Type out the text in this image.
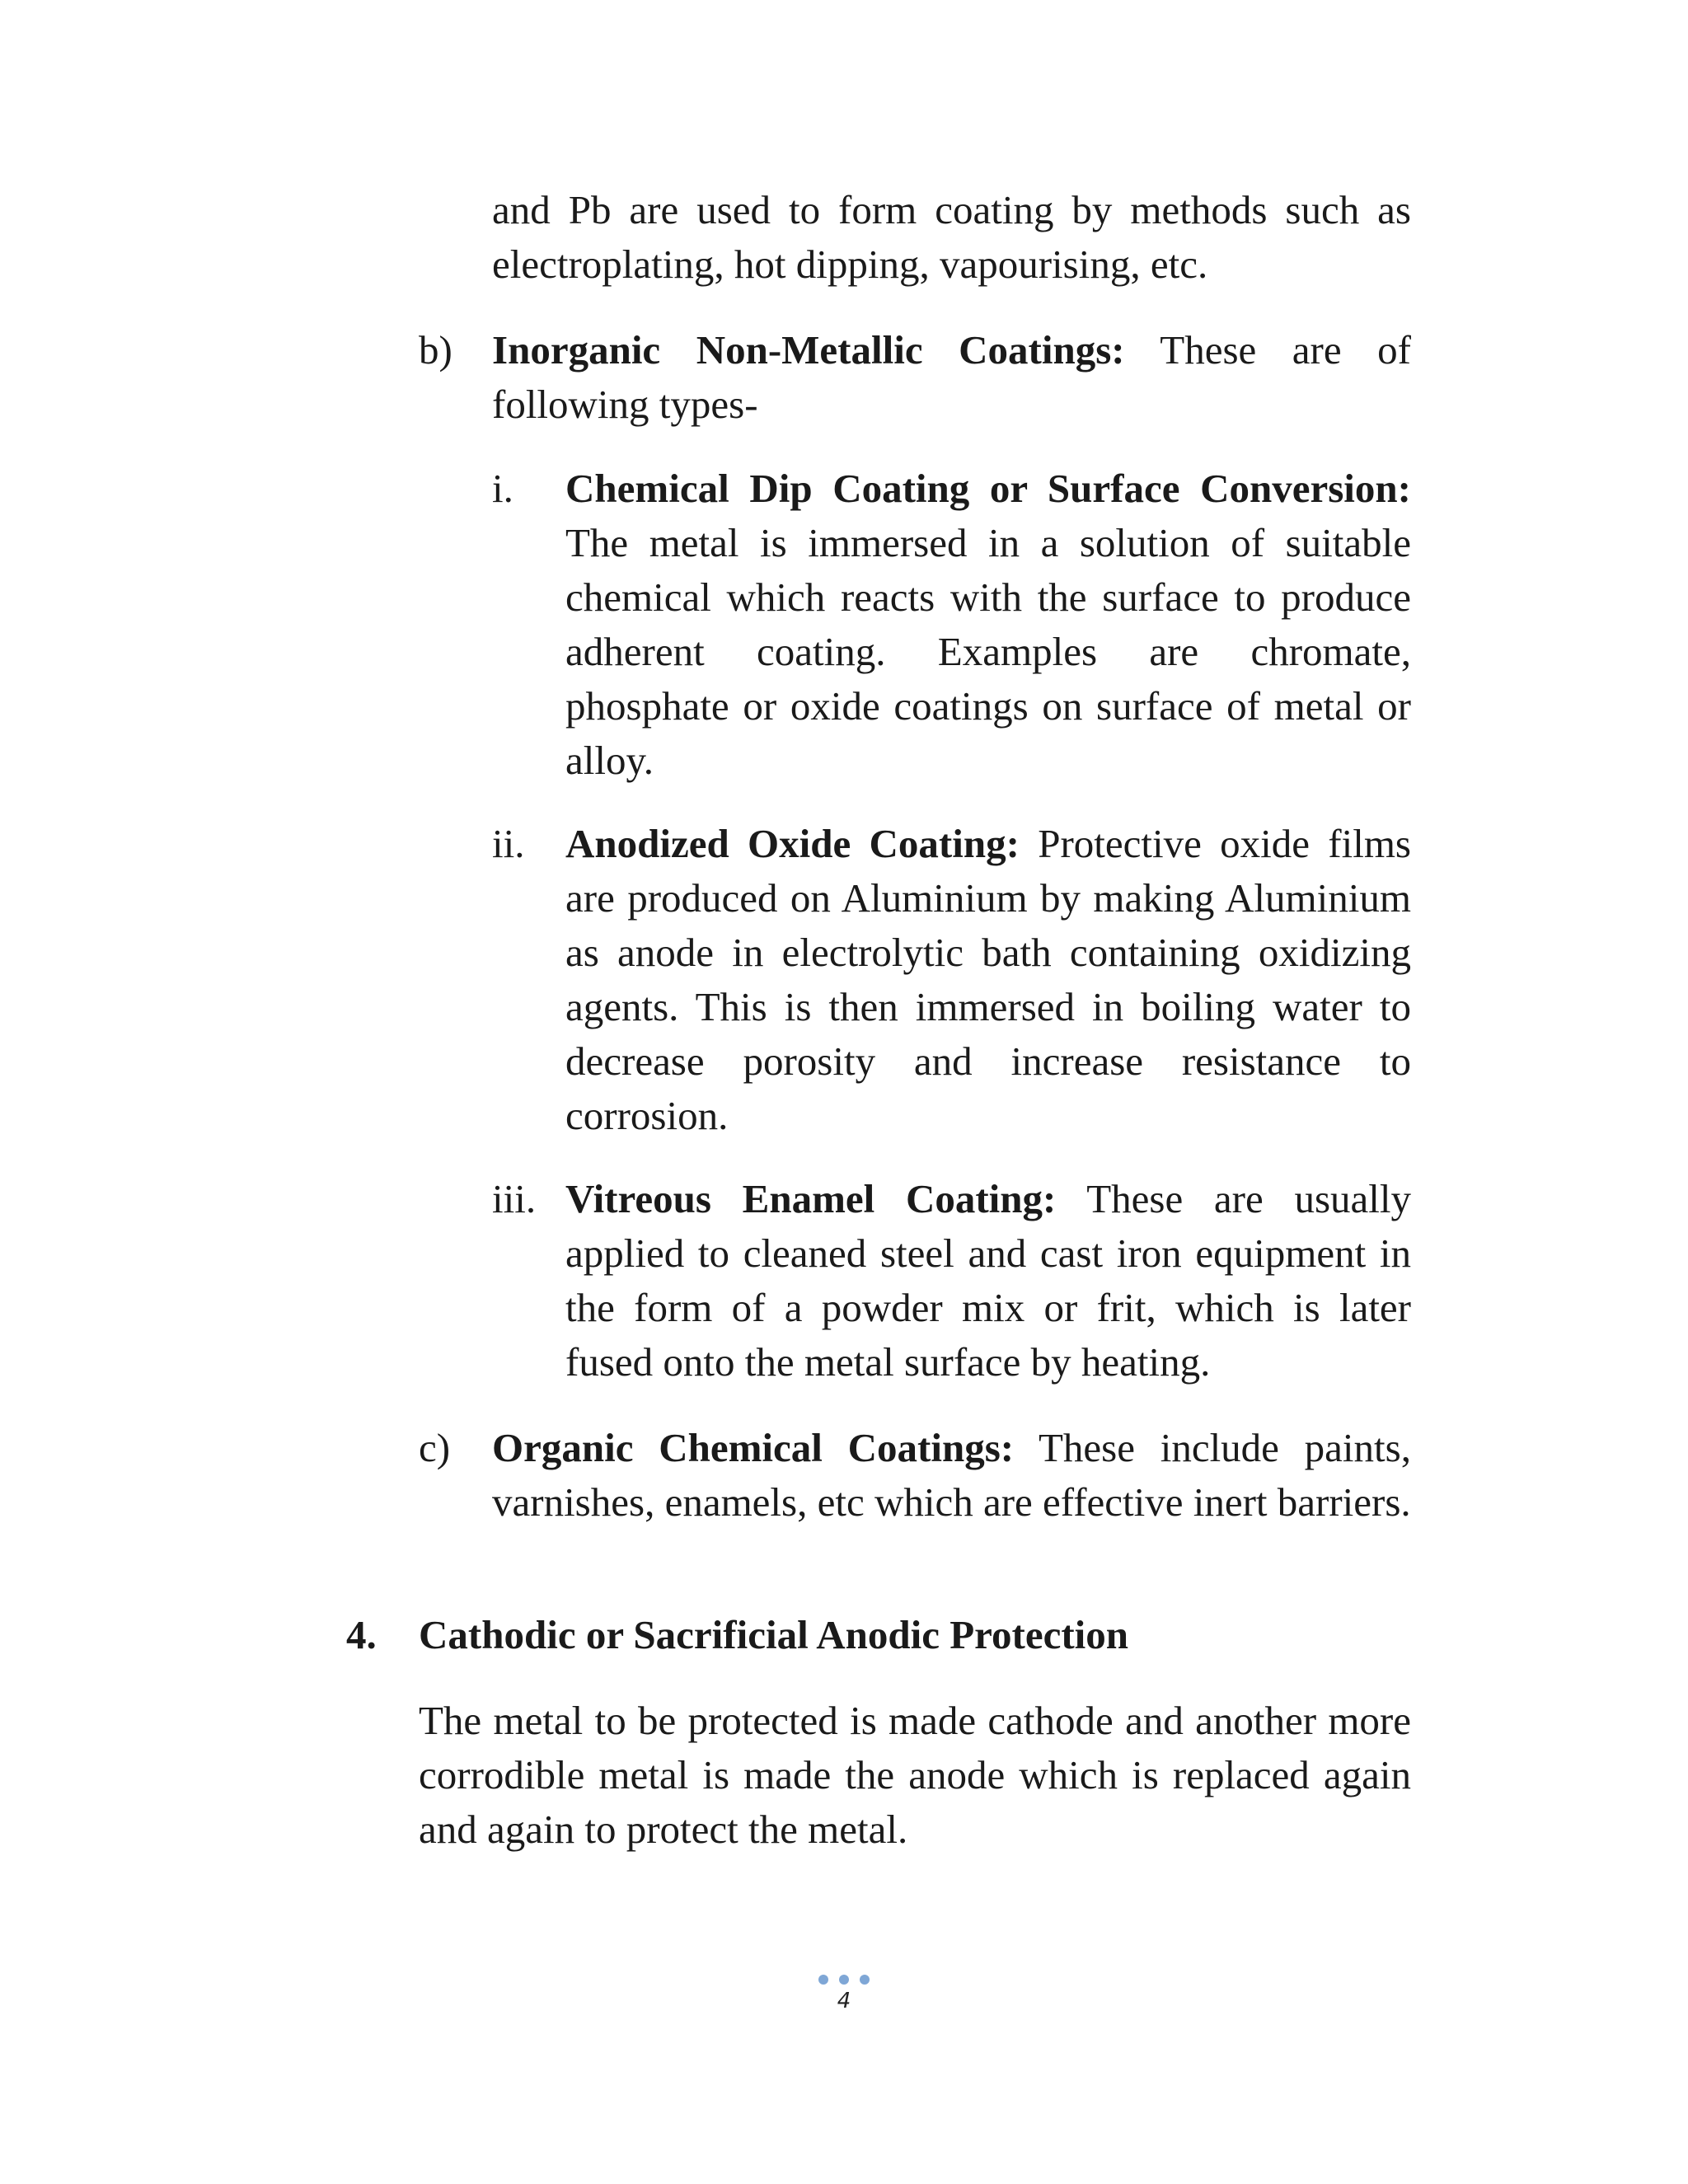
and Pb are used to form coating by methods such as electroplating, hot dipping, vapourising, etc.

b) Inorganic Non-Metallic Coatings: These are of following types-

i. Chemical Dip Coating or Surface Conversion: The metal is immersed in a solution of suitable chemical which reacts with the surface to produce adherent coating. Examples are chromate, phosphate or oxide coatings on surface of metal or alloy.

ii. Anodized Oxide Coating: Protective oxide films are produced on Aluminium by making Aluminium as anode in electrolytic bath containing oxidizing agents. This is then immersed in boiling water to decrease porosity and increase resistance to corrosion.

iii. Vitreous Enamel Coating: These are usually applied to cleaned steel and cast iron equipment in the form of a powder mix or frit, which is later fused onto the metal surface by heating.

c) Organic Chemical Coatings: These include paints, varnishes, enamels, etc which are effective inert barriers.

4. Cathodic or Sacrificial Anodic Protection

The metal to be protected is made cathode and another more corrodible metal is made the anode which is replaced again and again to protect the metal.

4
